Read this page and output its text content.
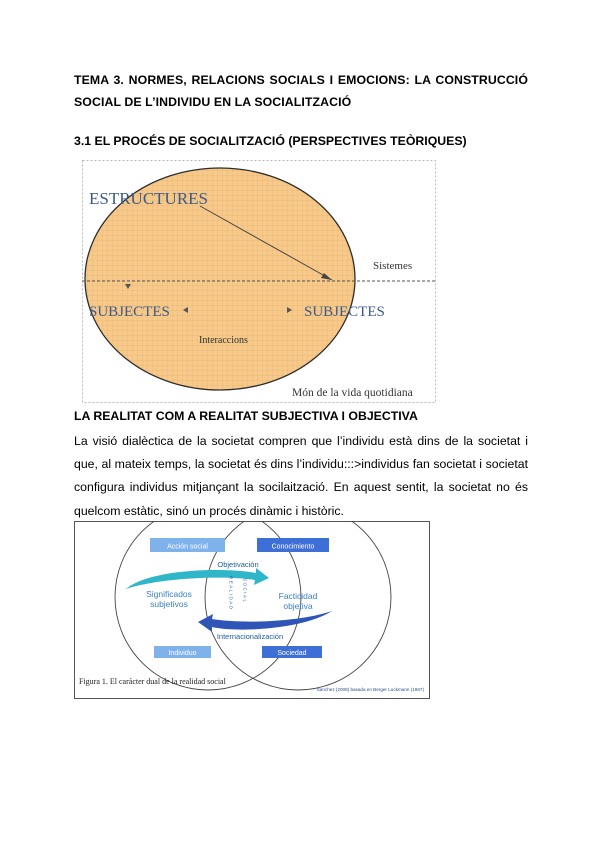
TEMA 3. NORMES, RELACIONS SOCIALS I EMOCIONS: LA CONSTRUCCIÓ SOCIAL DE L’INDIVIDU EN LA SOCIALITZACIÓ
3.1 EL PROCÉS DE SOCIALITZACIÓ (PERSPECTIVES TEÒRIQUES)
ESTRUCTURES
Sistemes
SUBJECTES	SUBJECTES
Interaccions
Món de la vida quotidiana
LA REALITAT COM A REALITAT SUBJECTIVA I OBJECTIVA
La visió dialèctica de la societat compren que l’individu està dins de la societat i que, al mateix temps, la societat és dins l’individu:::>individus fan societat i societat configura individus mitjançant la socilaització. En aquest sentit, la societat no és quelcom estàtic, sinó un procés dinàmic i històric.
Acción social	Conocimiento
Objetivación
Significados
subjetivos
Facticidad
objetiva
REALIDAD SOCIAL
Internacionalización
Individuo	Sociedad
Figura 1. El carácter dual de la realidad social
Sanchez (2008) basada en Berger Luckmann (1967)
